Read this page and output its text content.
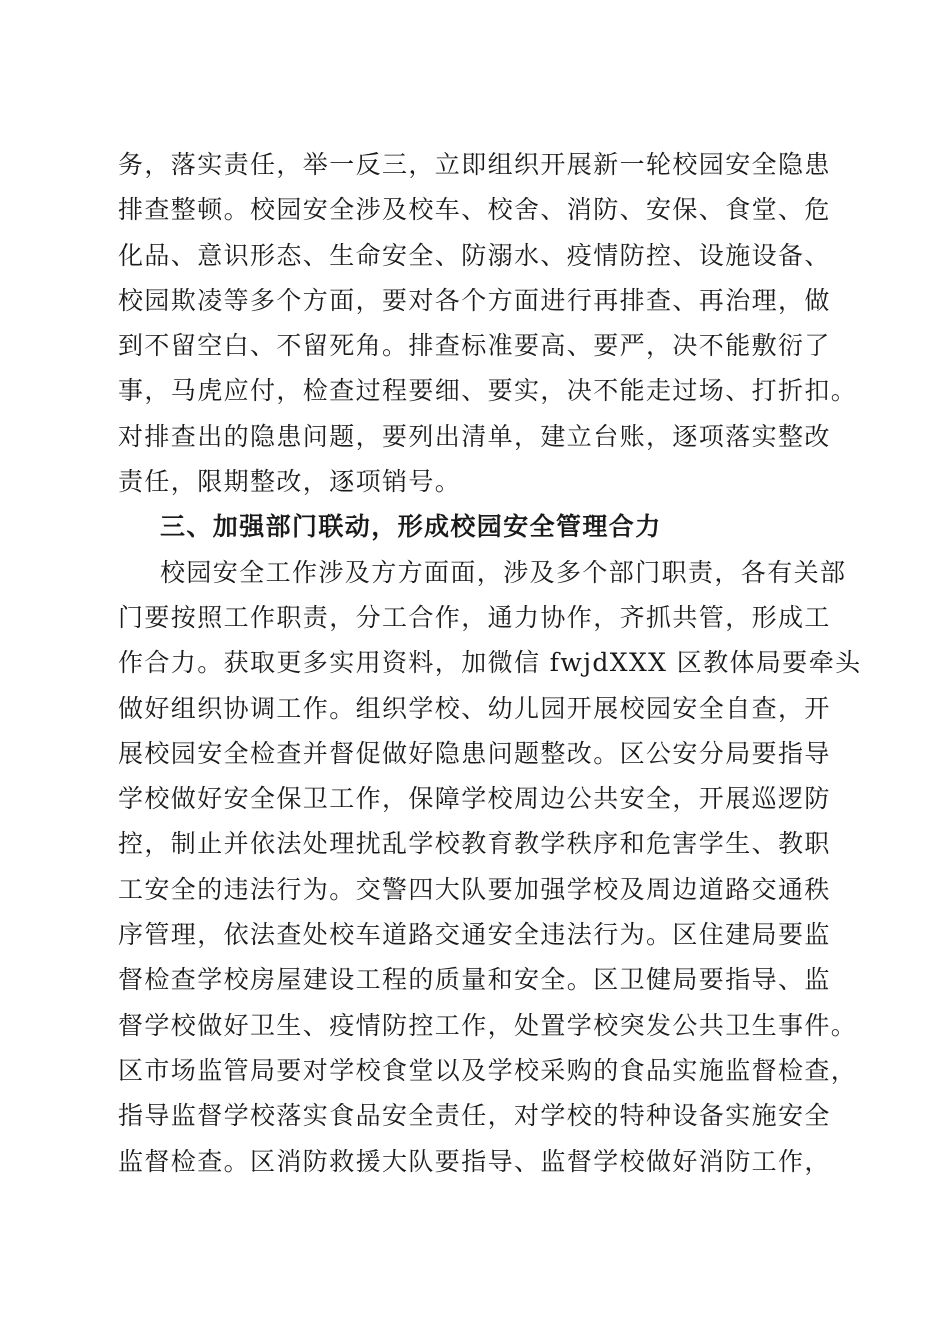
务，落实责任，举一反三，立即组织开展新一轮校园安全隐患
排查整顿。校园安全涉及校车、校舍、消防、安保、食堂、危
化品、意识形态、生命安全、防溺水、疫情防控、设施设备、
校园欺凌等多个方面，要对各个方面进行再排查、再治理，做
到不留空白、不留死角。排查标准要高、要严，决不能敷衍了
事，马虎应付，检查过程要细、要实，决不能走过场、打折扣。
对排查出的隐患问题，要列出清单，建立台账，逐项落实整改
责任，限期整改，逐项销号。
三、加强部门联动，形成校园安全管理合力
校园安全工作涉及方方面面，涉及多个部门职责，各有关部
门要按照工作职责，分工合作，通力协作，齐抓共管，形成工
作合力。获取更多实用资料，加微信 fwjdXXX 区教体局要牵头
做好组织协调工作。组织学校、幼儿园开展校园安全自查，开
展校园安全检查并督促做好隐患问题整改。区公安分局要指导
学校做好安全保卫工作，保障学校周边公共安全，开展巡逻防
控，制止并依法处理扰乱学校教育教学秩序和危害学生、教职
工安全的违法行为。交警四大队要加强学校及周边道路交通秩
序管理，依法查处校车道路交通安全违法行为。区住建局要监
督检查学校房屋建设工程的质量和安全。区卫健局要指导、监
督学校做好卫生、疫情防控工作，处置学校突发公共卫生事件。
区市场监管局要对学校食堂以及学校采购的食品实施监督检查，
指导监督学校落实食品安全责任，对学校的特种设备实施安全
监督检查。区消防救援大队要指导、监督学校做好消防工作，
